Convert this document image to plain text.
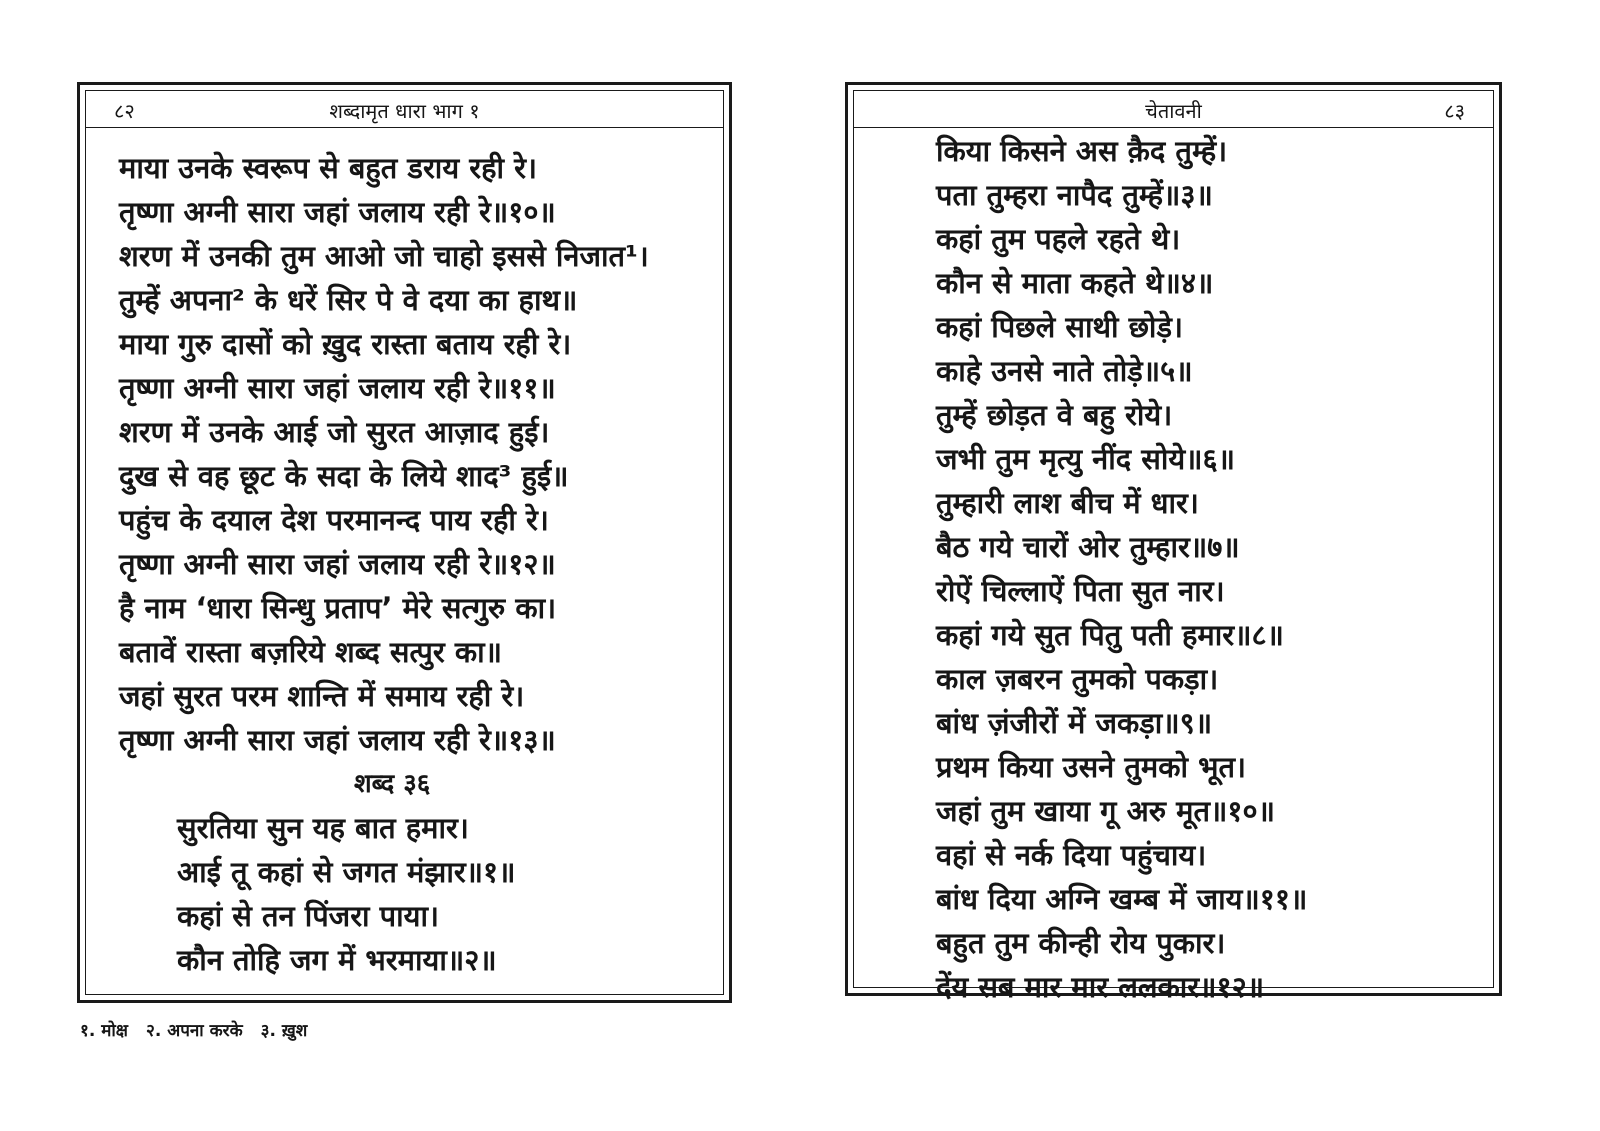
८२	शब्दामृत धारा भाग १
माया उनके स्वरूप से बहुत डराय रही रे।
तृष्णा अग्नी सारा जहां जलाय रही रे॥१०॥
शरण में उनकी तुम आओ जो चाहो इससे निजात¹।
तुम्हें अपना² के धरें सिर पे वे दया का हाथ॥
माया गुरु दासों को ख़ुद रास्ता बताय रही रे।
तृष्णा अग्नी सारा जहां जलाय रही रे॥११॥
शरण में उनके आई जो सुरत आज़ाद हुई।
दुख से वह छूट के सदा के लिये शाद³ हुई॥
पहुंच के दयाल देश परमानन्द पाय रही रे।
तृष्णा अग्नी सारा जहां जलाय रही रे॥१२॥
है नाम ‘धारा सिन्धु प्रताप’ मेरे सत्गुरु का।
बतावें रास्ता बज़रिये शब्द सत्पुर का॥
जहां सुरत परम शान्ति में समाय रही रे।
तृष्णा अग्नी सारा जहां जलाय रही रे॥१३॥
शब्द ३६
सुरतिया सुन यह बात हमार।
आई तू कहां से जगत मंझार॥१॥
कहां से तन पिंजरा पाया।
कौन तोहि जग में भरमाया॥२॥
चेतावनी	८३
किया किसने अस क़ैद तुम्हें।
पता तुम्हरा नापैद तुम्हें॥३॥
कहां तुम पहले रहते थे।
कौन से माता कहते थे॥४॥
कहां पिछले साथी छोड़े।
काहे उनसे नाते तोड़े॥५॥
तुम्हें छोड़त वे बहु रोये।
जभी तुम मृत्यु नींद सोये॥६॥
तुम्हारी लाश बीच में धार।
बैठ गये चारों ओर तुम्हार॥७॥
रोऐं चिल्लाऐं पिता सुत नार।
कहां गये सुत पितु पती हमार॥८॥
काल ज़बरन तुमको पकड़ा।
बांध ज़ंजीरों में जकड़ा॥९॥
प्रथम किया उसने तुमको भूत।
जहां तुम खाया गू अरु मूत॥१०॥
वहां से नर्क दिया पहुंचाय।
बांध दिया अग्नि खम्ब में जाय॥११॥
बहुत तुम कीन्ही रोय पुकार।
देंय सब मार मार ललकार॥१२॥
१. मोक्ष २. अपना करके ३. ख़ुश
